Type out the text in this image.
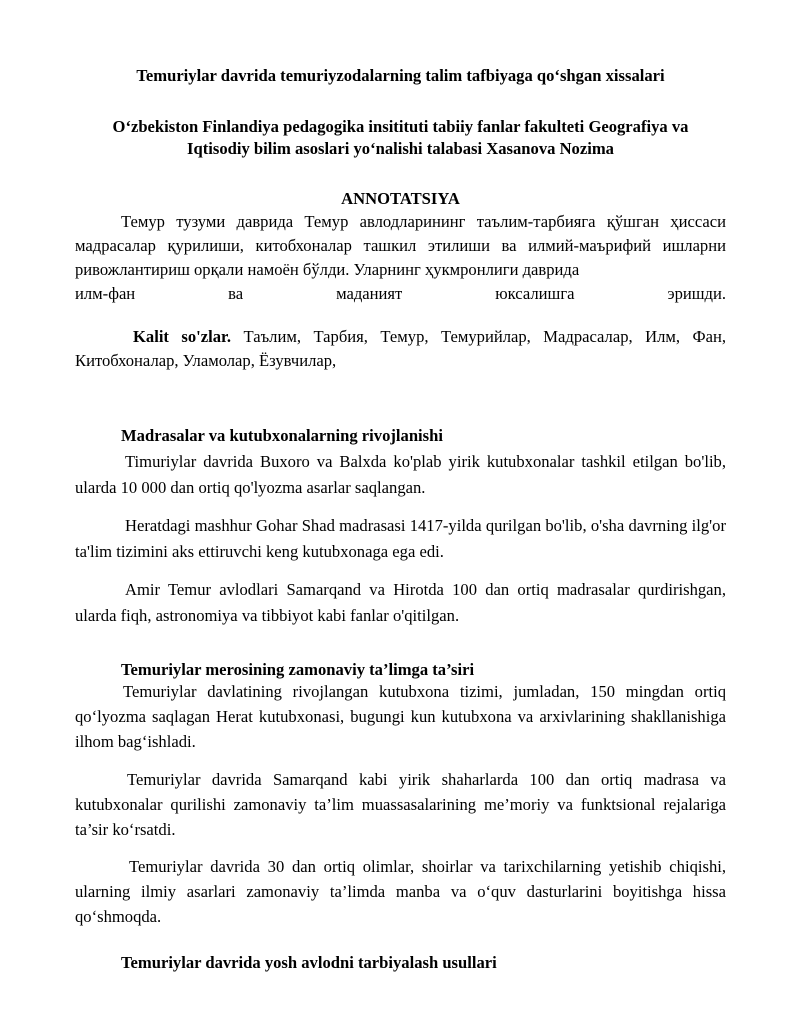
Temuriylar davrida temuriyzodalarning talim tafbiyaga qo‘shgan xissalari
O‘zbekiston Finlandiya pedagogika insitituti tabiiy fanlar fakulteti Geografiya va
Iqtisodiy bilim asoslari yo‘nalishi talabasi Xasanova Nozima
ANNOTATSIYA

Темур тузуми даврида Темур авлодларининг таълим-тарбияга қўшган ҳиссаси мадрасалар қурилиши, китобхоналар ташкил этилиши ва илмий-маърифий ишларни ривожлантириш орқали намоён бўлди. Уларнинг ҳукмронлиги даврида
илм-фан ва маданият юксалишга эришди.

Kalit so'zlar. Таълим, Тарбия, Темур, Темурийлар, Мадрасалар, Илм, Фан, Китобхоналар, Уламолар, Ёзувчилар,

Madrasalar va kutubxonalarning rivojlanishi

Timuriylar davrida Buxoro va Balxda ko'plab yirik kutubxonalar tashkil etilgan bo'lib, ularda 10 000 dan ortiq qo'lyozma asarlar saqlangan.

Heratdagi mashhur Gohar Shad madrasasi 1417-yilda qurilgan bo'lib, o'sha davrning ilg'or ta'lim tizimini aks ettiruvchi keng kutubxonaga ega edi.

Amir Temur avlodlari Samarqand va Hirotda 100 dan ortiq madrasalar qurdirishgan, ularda fiqh, astronomiya va tibbiyot kabi fanlar o'qitilgan.

Temuriylar merosining zamonaviy ta’limga ta’siri

Temuriylar davlatining rivojlangan kutubxona tizimi, jumladan, 150 mingdan ortiq qo‘lyozma saqlagan Herat kutubxonasi, bugungi kun kutubxona va arxivlarining shakllanishiga ilhom bag‘ishladi.

Temuriylar davrida Samarqand kabi yirik shaharlarda 100 dan ortiq madrasa va kutubxonalar qurilishi zamonaviy ta’lim muassasalarining me’moriy va funktsional rejalariga ta’sir ko‘rsatdi.

Temuriylar davrida 30 dan ortiq olimlar, shoirlar va tarixchilarning yetishib chiqishi, ularning ilmiy asarlari zamonaviy ta’limda manba va o‘quv dasturlarini boyitishga hissa qo‘shmoqda.

Temuriylar davrida yosh avlodni tarbiyalash usullari
